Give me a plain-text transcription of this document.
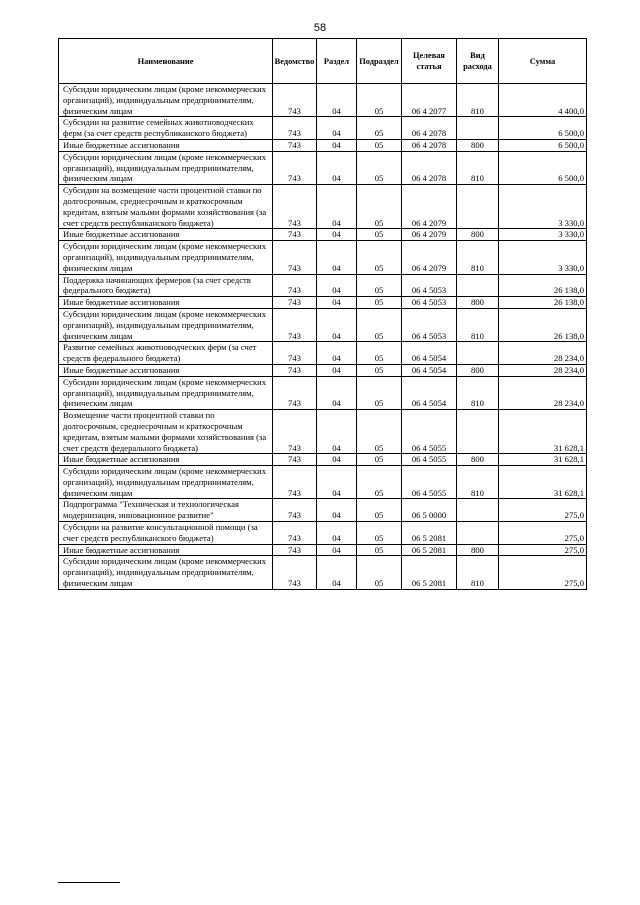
58
Наименование	Ведомство	Раздел	Подраздел	Целевая статья	Вид расхода	Сумма
Субсидии юридическим лицам (кроме некоммерческих организаций), индивидуальным предпринимателям, физическим лицам	743	04	05	06 4 2077	810	4 400,0
Субсидии на развитие семейных животноводческих ферм (за счет средств республиканского бюджета)	743	04	05	06 4 2078		6 500,0
Иные бюджетные ассигнования	743	04	05	06 4 2078	800	6 500,0
Субсидии юридическим лицам (кроме некоммерческих организаций), индивидуальным предпринимателям, физическим лицам	743	04	05	06 4 2078	810	6 500,0
Субсидии на возмещение части процентной ставки по долгосрочным, среднесрочным и краткосрочным кредитам, взятым малыми формами хозяйствования (за счет средств республиканского бюджета)	743	04	05	06 4 2079		3 330,0
Иные бюджетные ассигнования	743	04	05	06 4 2079	800	3 330,0
Субсидии юридическим лицам (кроме некоммерческих организаций), индивидуальным предпринимателям, физическим лицам	743	04	05	06 4 2079	810	3 330,0
Поддержка начинающих фермеров (за счет средств федерального бюджета)	743	04	05	06 4 5053		26 138,0
Иные бюджетные ассигнования	743	04	05	06 4 5053	800	26 138,0
Субсидии юридическим лицам (кроме некоммерческих организаций), индивидуальным предпринимателям, физическим лицам	743	04	05	06 4 5053	810	26 138,0
Развитие семейных животноводческих ферм (за счет средств федерального бюджета)	743	04	05	06 4 5054		28 234,0
Иные бюджетные ассигнования	743	04	05	06 4 5054	800	28 234,0
Субсидии юридическим лицам (кроме некоммерческих организаций), индивидуальным предпринимателям, физическим лицам	743	04	05	06 4 5054	810	28 234,0
Возмещение части процентной ставки по долгосрочным, среднесрочным и краткосрочным кредитам, взятым малыми формами хозяйствования (за счет средств федерального бюджета)	743	04	05	06 4 5055		31 628,1
Иные бюджетные ассигнования	743	04	05	06 4 5055	800	31 628,1
Субсидии юридическим лицам (кроме некоммерческих организаций), индивидуальным предпринимателям, физическим лицам	743	04	05	06 4 5055	810	31 628,1
Подпрограмма "Техническая и технологическая модернизация, инновационное развитие"	743	04	05	06 5 0000		275,0
Субсидии на развитие консультационной помощи (за счет средств республиканского бюджета)	743	04	05	06 5 2081		275,0
Иные бюджетные ассигнования	743	04	05	06 5 2081	800	275,0
Субсидии юридическим лицам (кроме некоммерческих организаций), индивидуальным предпринимателям, физическим лицам	743	04	05	06 5 2081	810	275,0
